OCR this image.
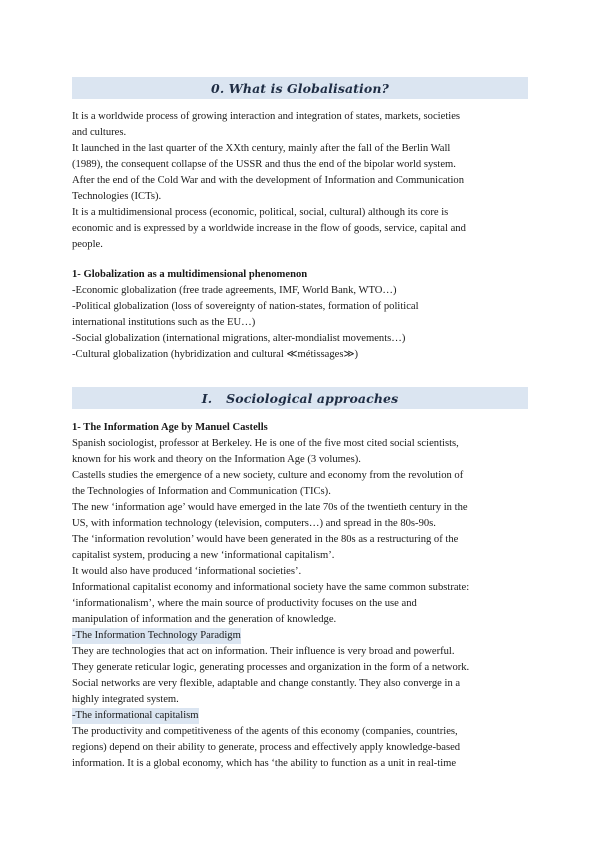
0. What is Globalisation?

It is a worldwide process of growing interaction and integration of states, markets, societies

and cultures.

It launched in the last quarter of the XXth century, mainly after the fall of the Berlin Wall

(1989), the consequent collapse of the USSR and thus the end of the bipolar world system.

After the end of the Cold War and with the development of Information and Communication

Technologies (ICTs).

It is a multidimensional process (economic, political, social, cultural) although its core is

economic and is expressed by a worldwide increase in the flow of goods, service, capital and

people.

1- Globalization as a multidimensional phenomenon

-Economic globalization (free trade agreements, IMF, World Bank, WTO…)

-Political globalization (loss of sovereignty of nation-states, formation of political

international institutions such as the EU…)

-Social globalization (international migrations, alter-mondialist movements…)

-Cultural globalization (hybridization and cultural ≪métissages≫)

I. Sociological approaches

1- The Information Age by Manuel Castells

Spanish sociologist, professor at Berkeley. He is one of the five most cited social scientists,

known for his work and theory on the Information Age (3 volumes).

Castells studies the emergence of a new society, culture and economy from the revolution of

the Technologies of Information and Communication (TICs).

The new ‘information age’ would have emerged in the late 70s of the twentieth century in the

US, with information technology (television, computers…) and spread in the 80s-90s.

The ‘information revolution’ would have been generated in the 80s as a restructuring of the

capitalist system, producing a new ‘informational capitalism’.

It would also have produced ‘informational societies’.

Informational capitalist economy and informational society have the same common substrate:

‘informationalism’, where the main source of productivity focuses on the use and

manipulation of information and the generation of knowledge.

-The Information Technology Paradigm

They are technologies that act on information. Their influence is very broad and powerful.

They generate reticular logic, generating processes and organization in the form of a network.

Social networks are very flexible, adaptable and change constantly. They also converge in a

highly integrated system.

-The informational capitalism

The productivity and competitiveness of the agents of this economy (companies, countries,

regions) depend on their ability to generate, process and effectively apply knowledge-based

information. It is a global economy, which has ‘the ability to function as a unit in real-time
